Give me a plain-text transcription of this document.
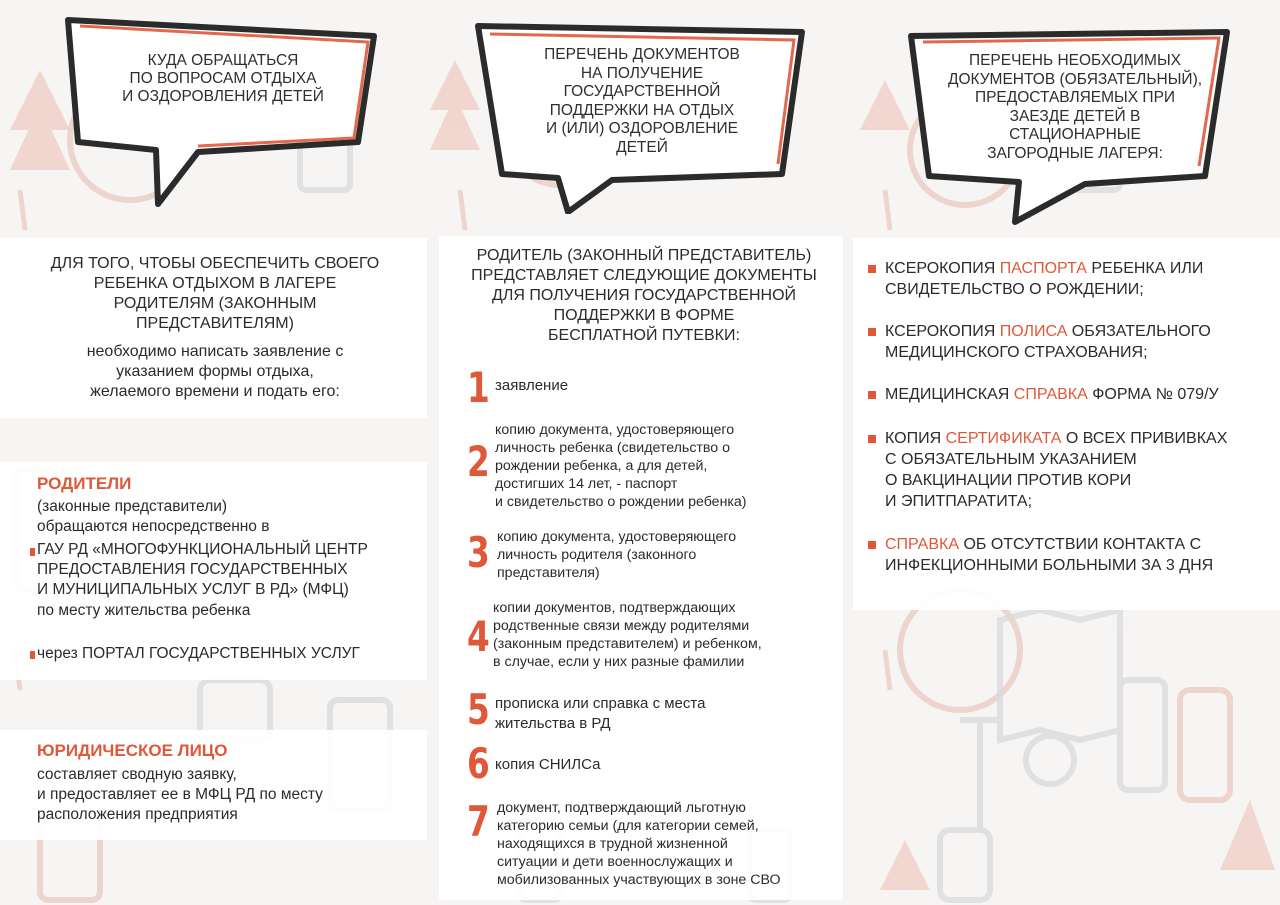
КУДА ОБРАЩАТЬСЯ
ПО ВОПРОСАМ ОТДЫХА
И ОЗДОРОВЛЕНИЯ ДЕТЕЙ
ДЛЯ ТОГО, ЧТОБЫ ОБЕСПЕЧИТЬ СВОЕГО
РЕБЕНКА ОТДЫХОМ В ЛАГЕРЕ
РОДИТЕЛЯМ (ЗАКОННЫМ
ПРЕДСТАВИТЕЛЯМ)
необходимо написать заявление с
указанием формы отдыха,
желаемого времени и подать его:
РОДИТЕЛИ
(законные представители)
обращаются непосредственно в
ГАУ РД «МНОГОФУНКЦИОНАЛЬНЫЙ ЦЕНТР
ПРЕДОСТАВЛЕНИЯ ГОСУДАРСТВЕННЫХ
И МУНИЦИПАЛЬНЫХ УСЛУГ В РД» (МФЦ)
по месту жительства ребенка
через ПОРТАЛ ГОСУДАРСТВЕННЫХ УСЛУГ
ЮРИДИЧЕСКОЕ ЛИЦО
составляет сводную заявку,
и предоставляет ее в МФЦ РД по месту
расположения предприятия
ПЕРЕЧЕНЬ ДОКУМЕНТОВ
НА ПОЛУЧЕНИЕ
ГОСУДАРСТВЕННОЙ
ПОДДЕРЖКИ НА ОТДЫХ
И (ИЛИ) ОЗДОРОВЛЕНИЕ
ДЕТЕЙ
РОДИТЕЛЬ (ЗАКОННЫЙ ПРЕДСТАВИТЕЛЬ)
ПРЕДСТАВЛЯЕТ СЛЕДУЮЩИЕ ДОКУМЕНТЫ
ДЛЯ ПОЛУЧЕНИЯ ГОСУДАРСТВЕННОЙ
ПОДДЕРЖКИ В ФОРМЕ
БЕСПЛАТНОЙ ПУТЕВКИ:
1 заявление
2
копию документа, удостоверяющего
личность ребенка (свидетельство о
рождении ребенка, а для детей,
достигших 14 лет, - паспорт
и свидетельство о рождении ребенка)
3 копию документа, удостоверяющего
личность родителя (законного
представителя)
4
копии документов, подтверждающих
родственные связи между родителями
(законным представителем) и ребенком,
в случае, если у них разные фамилии
5 прописка или справка с места
жительства в РД
6 копия СНИЛСа
7 документ, подтверждающий льготную
категорию семьи (для категории семей,
находящихся в трудной жизненной
ситуации и дети военнослужащих и
мобилизованных участвующих в зоне СВО
ПЕРЕЧЕНЬ НЕОБХОДИМЫХ
ДОКУМЕНТОВ (ОБЯЗАТЕЛЬНЫЙ),
ПРЕДОСТАВЛЯЕМЫХ ПРИ
ЗАЕЗДЕ ДЕТЕЙ В
СТАЦИОНАРНЫЕ
ЗАГОРОДНЫЕ ЛАГЕРЯ:
КСЕРОКОПИЯ ПАСПОРТА РЕБЕНКА ИЛИ
СВИДЕТЕЛЬСТВО О РОЖДЕНИИ;
КСЕРОКОПИЯ ПОЛИСА ОБЯЗАТЕЛЬНОГО
МЕДИЦИНСКОГО СТРАХОВАНИЯ;
МЕДИЦИНСКАЯ СПРАВКА ФОРМА № 079/У
КОПИЯ СЕРТИФИКАТА О ВСЕХ ПРИВИВКАХ
С ОБЯЗАТЕЛЬНЫМ УКАЗАНИЕМ
О ВАКЦИНАЦИИ ПРОТИВ КОРИ
И ЭПИТПАРАТИТА;
СПРАВКА ОБ ОТСУТСТВИИ КОНТАКТА С
ИНФЕКЦИОННЫМИ БОЛЬНЫМИ ЗА 3 ДНЯ
